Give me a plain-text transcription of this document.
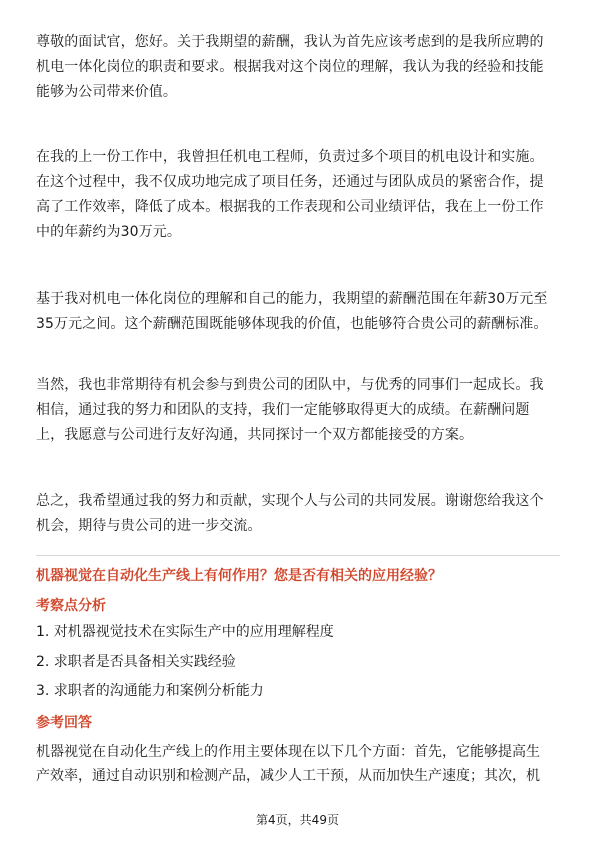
尊敬的面试官，您好。关于我期望的薪酬，我认为首先应该考虑到的是我所应聘的
机电一体化岗位的职责和要求。根据我对这个岗位的理解，我认为我的经验和技能
能够为公司带来价值。
在我的上一份工作中，我曾担任机电工程师，负责过多个项目的机电设计和实施。
在这个过程中，我不仅成功地完成了项目任务，还通过与团队成员的紧密合作，提
高了工作效率，降低了成本。根据我的工作表现和公司业绩评估，我在上一份工作
中的年薪约为30万元。
基于我对机电一体化岗位的理解和自己的能力，我期望的薪酬范围在年薪30万元至
35万元之间。这个薪酬范围既能够体现我的价值，也能够符合贵公司的薪酬标准。
当然，我也非常期待有机会参与到贵公司的团队中，与优秀的同事们一起成长。我
相信，通过我的努力和团队的支持，我们一定能够取得更大的成绩。在薪酬问题
上，我愿意与公司进行友好沟通，共同探讨一个双方都能接受的方案。
总之，我希望通过我的努力和贡献，实现个人与公司的共同发展。谢谢您给我这个
机会，期待与贵公司的进一步交流。
机器视觉在自动化生产线上有何作用？您是否有相关的应用经验？
考察点分析
1. 对机器视觉技术在实际生产中的应用理解程度
2. 求职者是否具备相关实践经验
3. 求职者的沟通能力和案例分析能力
参考回答
机器视觉在自动化生产线上的作用主要体现在以下几个方面：首先，它能够提高生
产效率，通过自动识别和检测产品，减少人工干预，从而加快生产速度；其次，机
第4页，共49页
